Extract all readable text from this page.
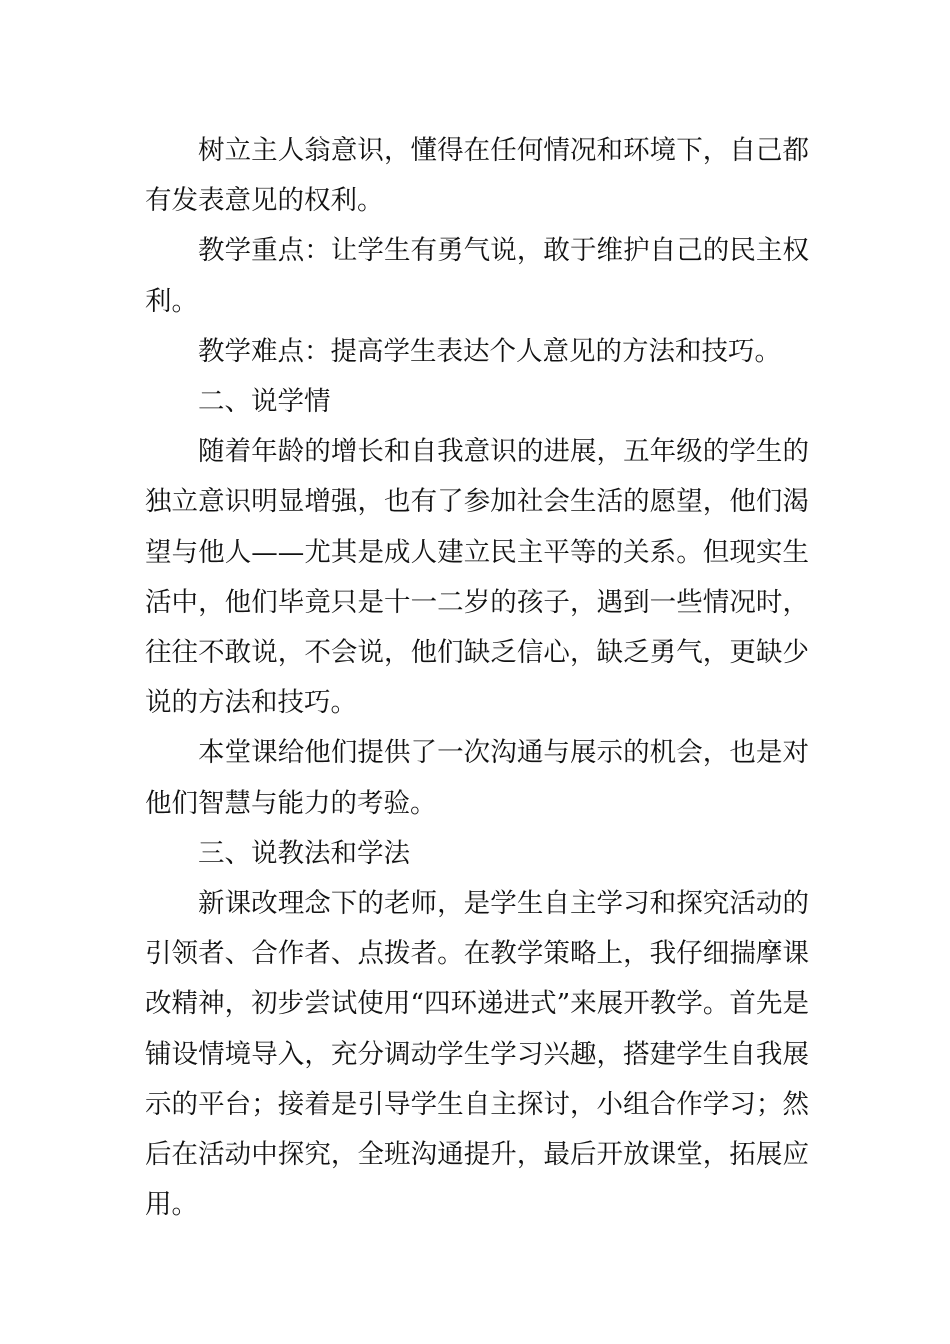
树立主人翁意识，懂得在任何情况和环境下，自己都有发表意见的权利。

教学重点：让学生有勇气说，敢于维护自己的民主权利。

教学难点：提高学生表达个人意见的方法和技巧。

二、说学情

随着年龄的增长和自我意识的进展，五年级的学生的独立意识明显增强，也有了参加社会生活的愿望，他们渴望与他人——尤其是成人建立民主平等的关系。但现实生活中，他们毕竟只是十一二岁的孩子，遇到一些情况时，往往不敢说，不会说，他们缺乏信心，缺乏勇气，更缺少说的方法和技巧。

本堂课给他们提供了一次沟通与展示的机会，也是对他们智慧与能力的考验。

三、说教法和学法

新课改理念下的老师，是学生自主学习和探究活动的引领者、合作者、点拨者。在教学策略上，我仔细揣摩课改精神，初步尝试使用“四环递进式”来展开教学。首先是铺设情境导入，充分调动学生学习兴趣，搭建学生自我展示的平台；接着是引导学生自主探讨，小组合作学习；然后在活动中探究，全班沟通提升，最后开放课堂，拓展应用。
